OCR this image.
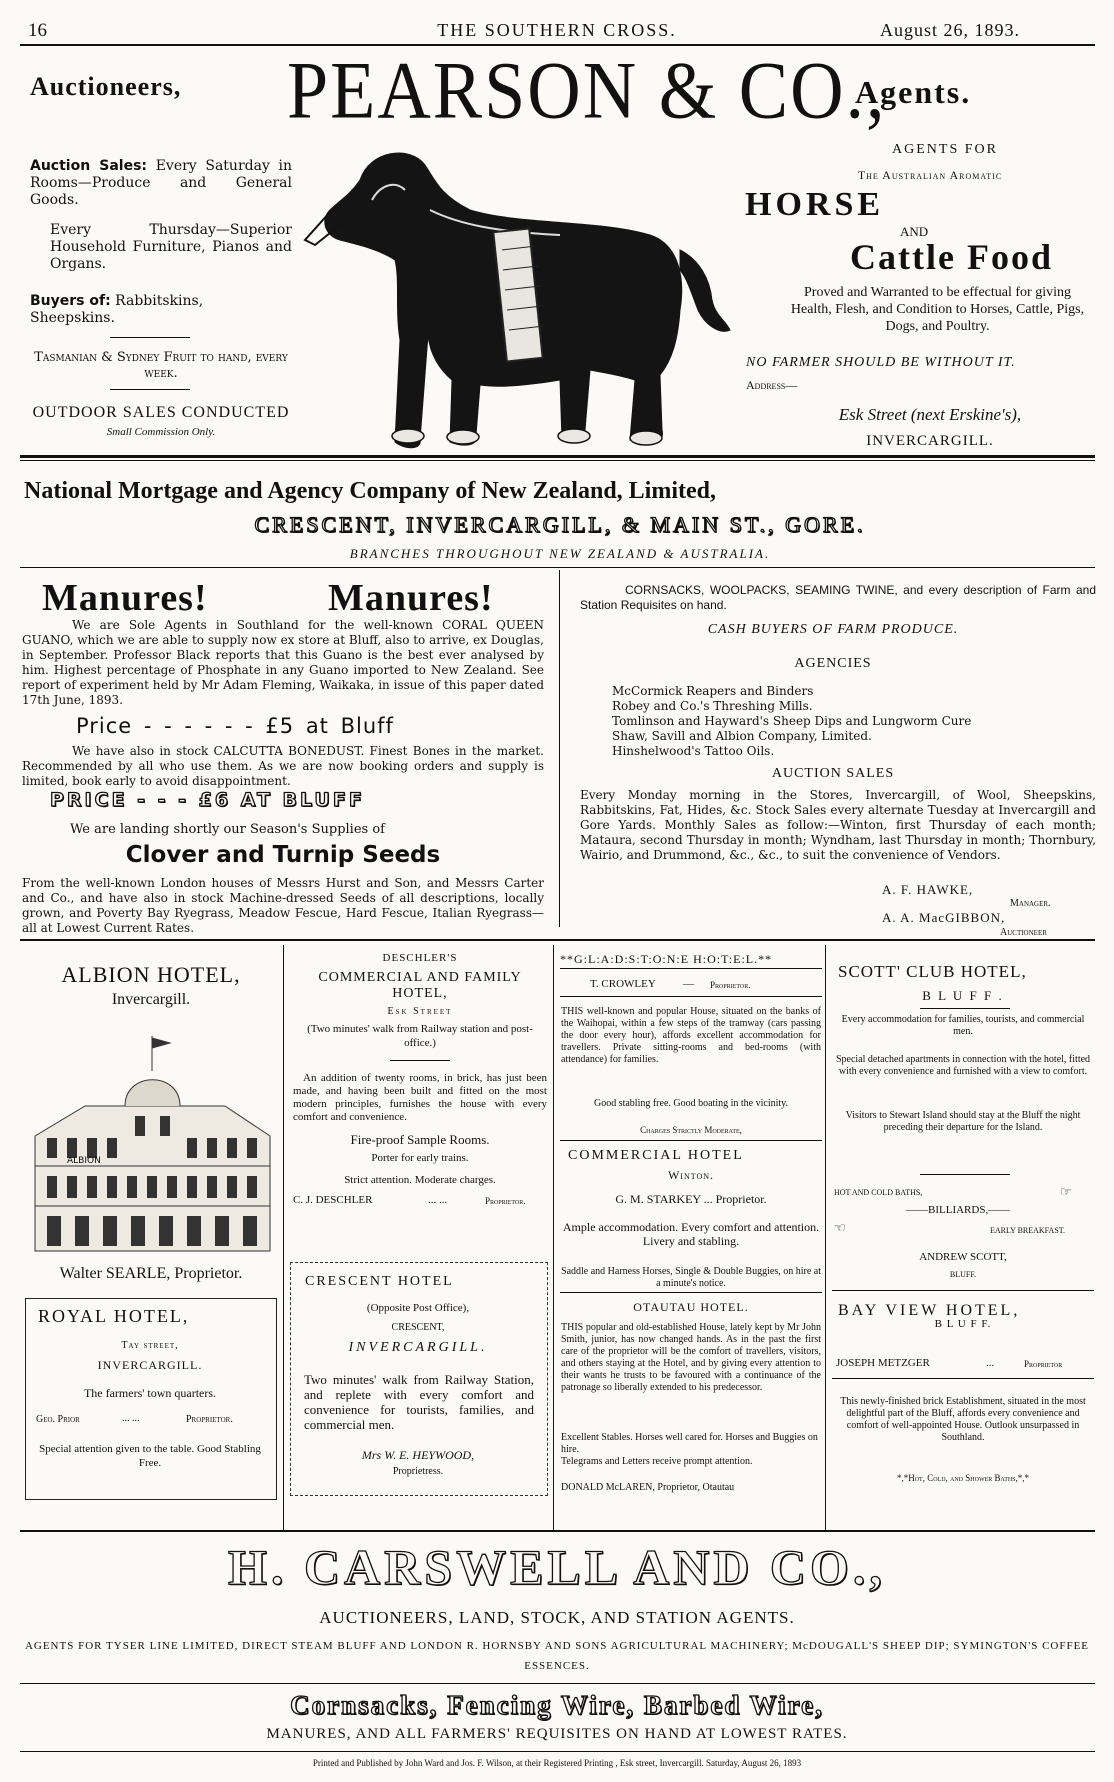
16	THE SOUTHERN CROSS.	August 26, 1893.
Auctioneers, PEARSON & CO.,
Agents.
Auction Sales: Every Saturday in Rooms—Produce and General Goods.
Every Thursday—Superior Household Furniture, Pianos and Organs.
Buyers of: Rabbitskins, Sheepskins.
Tasmanian & Sydney Fruit to hand, every week.
OUTDOOR SALES CONDUCTED
Small Commission Only.
AGENTS FOR
The Australian Aromatic
HORSE
AND
Cattle Food
Proved and Warranted to be effectual for giving Health, Flesh, and Condition to Horses, Cattle, Pigs, Dogs, and Poultry.
NO FARMER SHOULD BE WITHOUT IT.
Address—
Esk Street (next Erskine's),
INVERCARGILL.
National Mortgage and Agency Company of New Zealand, Limited,
CRESCENT, INVERCARGILL, & MAIN ST., GORE.
BRANCHES THROUGHOUT NEW ZEALAND & AUSTRALIA.
Manures!	Manures!
We are Sole Agents in Southland for the well-known CORAL QUEEN GUANO, which we are able to supply now ex store at Bluff, also to arrive, ex Douglas, in September. Professor Black reports that this Guano is the best ever analysed by him. Highest percentage of Phosphate in any Guano imported to New Zealand. See report of experiment held by Mr Adam Fleming, Waikaka, in issue of this paper dated 17th June, 1893.
Price - - - - - - £5 at Bluff
We have also in stock CALCUTTA BONEDUST. Finest Bones in the market. Recommended by all who use them. As we are now booking orders and supply is limited, book early to avoid disappointment.
PRICE - - - £6 AT BLUFF
We are landing shortly our Season's Supplies of
Clover and Turnip Seeds
From the well-known London houses of Messrs Hurst and Son, and Messrs Carter and Co., and have also in stock Machine-dressed Seeds of all descriptions, locally grown, and Poverty Bay Ryegrass, Meadow Fescue, Hard Fescue, Italian Ryegrass—all at Lowest Current Rates.
CORNSACKS, WOOLPACKS, SEAMING TWINE, and every description of Farm and Station Requisites on hand.
CASH BUYERS OF FARM PRODUCE.
AGENCIES
McCormick Reapers and Binders
Robey and Co.'s Threshing Mills.
Tomlinson and Hayward's Sheep Dips and Lungworm Cure
Shaw, Savill and Albion Company, Limited.
Hinshelwood's Tattoo Oils.
AUCTION SALES
Every Monday morning in the Stores, Invercargill, of Wool, Sheepskins, Rabbitskins, Fat, Hides, &c. Stock Sales every alternate Tuesday at Invercargill and Gore Yards. Monthly Sales as follow:—Winton, first Thursday of each month; Mataura, second Thursday in month; Wyndham, last Thursday in month; Thornbury, Wairio, and Drummond, &c., &c., to suit the convenience of Vendors.
A. F. HAWKE,
Manager.
A. A. MacGIBBON,
Auctioneer
ALBION HOTEL,
Invercargill.
ALBION
Walter SEARLE, Proprietor.
ROYAL HOTEL,
Tay street,
INVERCARGILL.
The farmers' town quarters.
Geo. Prior	... ...	Proprietor.
Special attention given to the table. Good Stabling Free.
DESCHLER'S
COMMERCIAL AND FAMILY HOTEL,
Esk Street
(Two minutes' walk from Railway station and post-office.)
An addition of twenty rooms, in brick, has just been made, and having been built and fitted on the most modern principles, furnishes the house with every comfort and convenience.
Fire-proof Sample Rooms.
Porter for early trains.
Strict attention. Moderate charges.
C. J. DESCHLER	... ...	Proprietor.
CRESCENT HOTEL
(Opposite Post Office),
CRESCENT,
INVERCARGILL.
Two minutes' walk from Railway Station, and replete with every comfort and convenience for tourists, families, and commercial men.
Mrs W. E. HEYWOOD,
Proprietress.
**G:L:A:D:S:T:O:N:E H:O:T:E:L.**
T. CROWLEY — Proprietor.
THIS well-known and popular House, situated on the banks of the Waihopai, within a few steps of the tramway (cars passing the door every hour), affords excellent accommodation for travellers. Private sitting-rooms and bed-rooms (with attendance) for families.
Good stabling free. Good boating in the vicinity.
Charges Strictly Moderate,
COMMERCIAL HOTEL
Winton.
G. M. STARKEY ... Proprietor.
Ample accommodation. Every comfort and attention. Livery and stabling.
Saddle and Harness Horses, Single & Double Buggies, on hire at a minute's notice.
OTAUTAU HOTEL.
THIS popular and old-established House, lately kept by Mr John Smith, junior, has now changed hands. As in the past the first care of the proprietor will be the comfort of travellers, visitors, and others staying at the Hotel, and by giving every attention to their wants he trusts to be favoured with a continuance of the patronage so liberally extended to his predecessor.
Excellent Stables. Horses well cared for. Horses and Buggies on hire.
Telegrams and Letters receive prompt attention.
DONALD McLAREN, Proprietor, Otautau
SCOTT' CLUB HOTEL,
B L U F F .
Every accommodation for families, tourists, and commercial men.
Special detached apartments in connection with the hotel, fitted with every convenience and furnished with a view to comfort.
Visitors to Stewart Island should stay at the Bluff the night preceding their departure for the Island.
HOT AND COLD BATHS,	☞
——BILLIARDS,——
☜	EARLY BREAKFAST.
ANDREW SCOTT,
BLUFF.
BAY VIEW HOTEL,
B L U F F.
JOSEPH METZGER	...	Proprietor
This newly-finished brick Establishment, situated in the most delightful part of the Bluff, affords every convenience and comfort of well-appointed House. Outlook unsurpassed in Southland.
*,*Hot, Cold, and Shower Baths,*,*
H. CARSWELL AND CO.,
AUCTIONEERS, LAND, STOCK, AND STATION AGENTS.
AGENTS FOR TYSER LINE LIMITED, DIRECT STEAM BLUFF AND LONDON R. HORNSBY AND SONS AGRICULTURAL MACHINERY; McDOUGALL'S SHEEP DIP; SYMINGTON'S COFFEE ESSENCES.
Cornsacks, Fencing Wire, Barbed Wire,
MANURES, AND ALL FARMERS' REQUISITES ON HAND AT LOWEST RATES.
Printed and Published by John Ward and Jos. F. Wilson, at their Registered Printing , Esk street, Invercargill. Saturday, August 26, 1893
